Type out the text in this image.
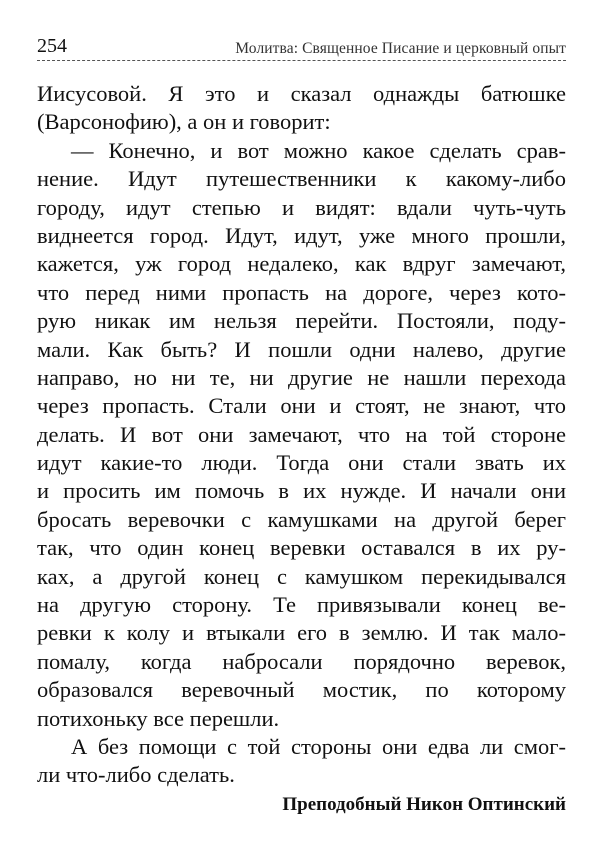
254	Молитва: Священное Писание и церковный опыт
Иисусовой. Я это и сказал однажды батюшке
(Варсонофию), а он и говорит:
— Конечно, и вот можно какое сделать срав-
нение. Идут путешественники к какому-либо
городу, идут степью и видят: вдали чуть-чуть
виднеется город. Идут, идут, уже много прошли,
кажется, уж город недалеко, как вдруг замечают,
что перед ними пропасть на дороге, через кото-
рую никак им нельзя перейти. Постояли, поду-
мали. Как быть? И пошли одни налево, другие
направо, но ни те, ни другие не нашли перехода
через пропасть. Стали они и стоят, не знают, что
делать. И вот они замечают, что на той стороне
идут какие-то люди. Тогда они стали звать их
и просить им помочь в их нужде. И начали они
бросать веревочки с камушками на другой берег
так, что один конец веревки оставался в их ру-
ках, а другой конец с камушком перекидывался
на другую сторону. Те привязывали конец ве-
ревки к колу и втыкали его в землю. И так мало-
помалу, когда набросали порядочно веревок,
образовался веревочный мостик, по которому
потихоньку все перешли.
А без помощи с той стороны они едва ли смог-
ли что-либо сделать.
Преподобный Никон Оптинский
